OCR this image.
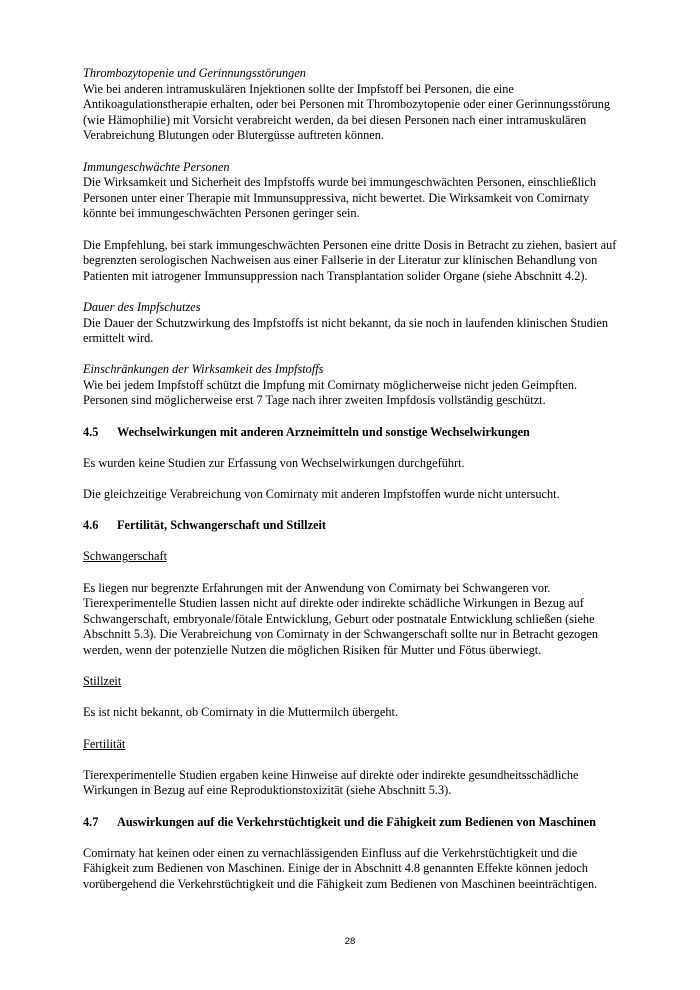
Thrombozytopenie und Gerinnungsstörungen

Wie bei anderen intramuskulären Injektionen sollte der Impfstoff bei Personen, die eine Antikoagulationstherapie erhalten, oder bei Personen mit Thrombozytopenie oder einer Gerinnungsstörung (wie Hämophilie) mit Vorsicht verabreicht werden, da bei diesen Personen nach einer intramuskulären Verabreichung Blutungen oder Blutergüsse auftreten können.

Immungeschwächte Personen

Die Wirksamkeit und Sicherheit des Impfstoffs wurde bei immungeschwächten Personen, einschließlich Personen unter einer Therapie mit Immunsuppressiva, nicht bewertet. Die Wirksamkeit von Comirnaty könnte bei immungeschwächten Personen geringer sein.

Die Empfehlung, bei stark immungeschwächten Personen eine dritte Dosis in Betracht zu ziehen, basiert auf begrenzten serologischen Nachweisen aus einer Fallserie in der Literatur zur klinischen Behandlung von Patienten mit iatrogener Immunsuppression nach Transplantation solider Organe (siehe Abschnitt 4.2).

Dauer des Impfschutzes

Die Dauer der Schutzwirkung des Impfstoffs ist nicht bekannt, da sie noch in laufenden klinischen Studien ermittelt wird.

Einschränkungen der Wirksamkeit des Impfstoffs

Wie bei jedem Impfstoff schützt die Impfung mit Comirnaty möglicherweise nicht jeden Geimpften. Personen sind möglicherweise erst 7 Tage nach ihrer zweiten Impfdosis vollständig geschützt.

4.5	Wechselwirkungen mit anderen Arzneimitteln und sonstige Wechselwirkungen

Es wurden keine Studien zur Erfassung von Wechselwirkungen durchgeführt.

Die gleichzeitige Verabreichung von Comirnaty mit anderen Impfstoffen wurde nicht untersucht.

4.6	Fertilität, Schwangerschaft und Stillzeit

Schwangerschaft

Es liegen nur begrenzte Erfahrungen mit der Anwendung von Comirnaty bei Schwangeren vor. Tierexperimentelle Studien lassen nicht auf direkte oder indirekte schädliche Wirkungen in Bezug auf Schwangerschaft, embryonale/fötale Entwicklung, Geburt oder postnatale Entwicklung schließen (siehe Abschnitt 5.3). Die Verabreichung von Comirnaty in der Schwangerschaft sollte nur in Betracht gezogen werden, wenn der potenzielle Nutzen die möglichen Risiken für Mutter und Fötus überwiegt.

Stillzeit

Es ist nicht bekannt, ob Comirnaty in die Muttermilch übergeht.

Fertilität

Tierexperimentelle Studien ergaben keine Hinweise auf direkte oder indirekte gesundheitsschädliche Wirkungen in Bezug auf eine Reproduktionstoxizität (siehe Abschnitt 5.3).

4.7	Auswirkungen auf die Verkehrstüchtigkeit und die Fähigkeit zum Bedienen von Maschinen

Comirnaty hat keinen oder einen zu vernachlässigenden Einfluss auf die Verkehrstüchtigkeit und die Fähigkeit zum Bedienen von Maschinen. Einige der in Abschnitt 4.8 genannten Effekte können jedoch vorübergehend die Verkehrstüchtigkeit und die Fähigkeit zum Bedienen von Maschinen beeinträchtigen.

28
